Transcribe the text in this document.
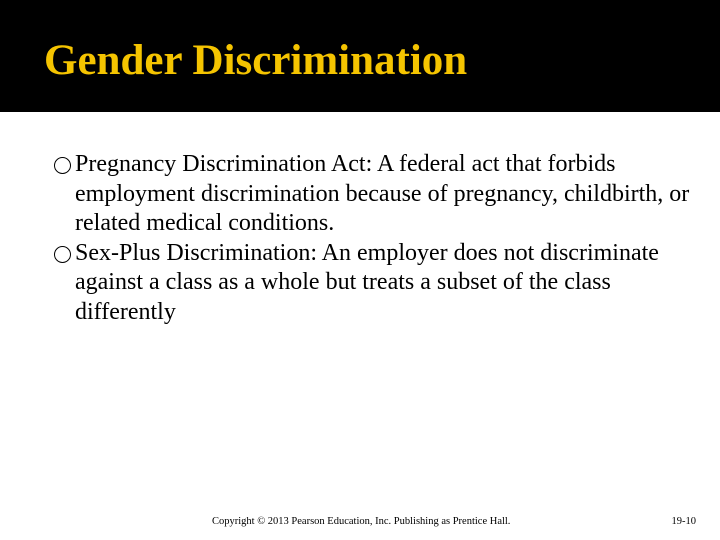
Gender Discrimination
Pregnancy Discrimination Act: A federal act that forbids employment discrimination because of pregnancy, childbirth, or related medical conditions.
Sex-Plus Discrimination: An employer does not discriminate against a class as a whole but treats a subset of the class differently
Copyright © 2013 Pearson Education, Inc. Publishing as Prentice Hall.	19-10
